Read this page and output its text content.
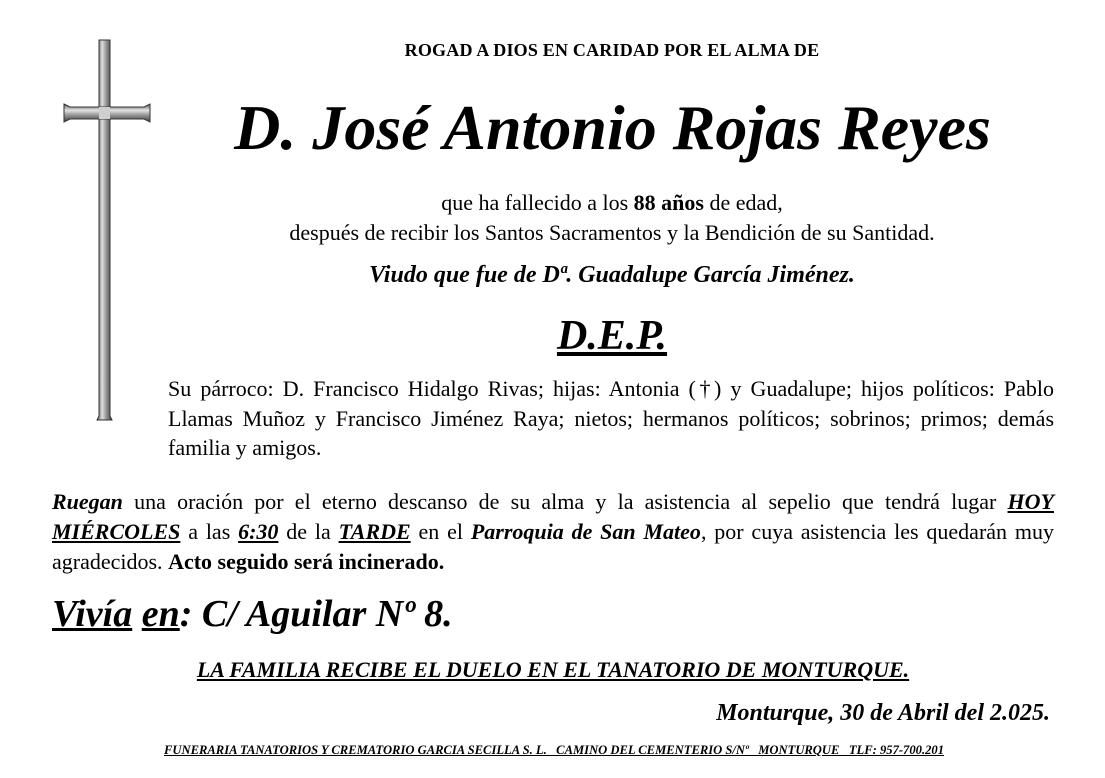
ROGAD A DIOS EN CARIDAD POR EL ALMA DE
D. José Antonio Rojas Reyes
que ha fallecido a los 88 años de edad,
después de recibir los Santos Sacramentos y la Bendición de su Santidad.
Viudo que fue de Dª. Guadalupe García Jiménez.
D.E.P.
Su párroco: D. Francisco Hidalgo Rivas; hijas: Antonia (†) y Guadalupe; hijos políticos: Pablo Llamas Muñoz y Francisco Jiménez Raya; nietos; hermanos políticos; sobrinos; primos; demás familia y amigos.
Ruegan una oración por el eterno descanso de su alma y la asistencia al sepelio que tendrá lugar HOY MIÉRCOLES a las 6:30 de la TARDE en el Parroquia de San Mateo, por cuya asistencia les quedarán muy agradecidos. Acto seguido será incinerado.
Vivía en: C/ Aguilar Nº 8.
LA FAMILIA RECIBE EL DUELO EN EL TANATORIO DE MONTURQUE.
Monturque, 30 de Abril del 2.025.
FUNERARIA TANATORIOS Y CREMATORIO GARCIA SECILLA S. L.   CAMINO DEL CEMENTERIO S/Nº   MONTURQUE   TLF: 957-700.201
